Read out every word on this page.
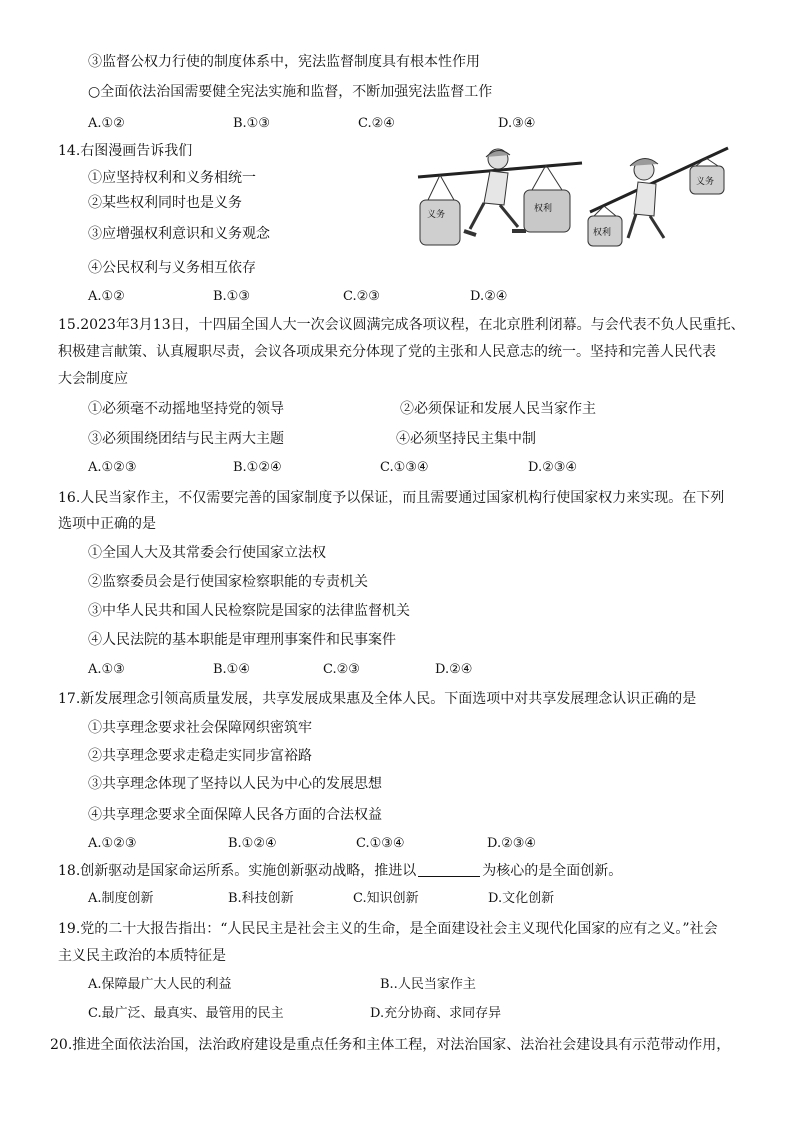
③监督公权力行使的制度体系中，宪法监督制度具有根本性作用
○全面依法治国需要健全宪法实施和监督，不断加强宪法监督工作
A.①②	B.①③	C.②④	D.③④
14.右图漫画告诉我们
①应坚持权利和义务相统一
②某些权利同时也是义务
③应增强权利意识和义务观念
④公民权利与义务相互依存
义务
权利
权利
义务
A.①②	B.①③	C.②③	D.②④
15.2023年3月13日，十四届全国人大一次会议圆满完成各项议程，在北京胜利闭幕。与会代表不负人民重托、
积极建言献策、认真履职尽责，会议各项成果充分体现了党的主张和人民意志的统一。坚持和完善人民代表
大会制度应
①必须毫不动摇地坚持党的领导	②必须保证和发展人民当家作主
③必须围绕团结与民主两大主题	④必须坚持民主集中制
A.①②③	B.①②④	C.①③④	D.②③④
16.人民当家作主，不仅需要完善的国家制度予以保证，而且需要通过国家机构行使国家权力来实现。在下列
选项中正确的是
①全国人大及其常委会行使国家立法权
②监察委员会是行使国家检察职能的专责机关
③中华人民共和国人民检察院是国家的法律监督机关
④人民法院的基本职能是审理刑事案件和民事案件
A.①③	B.①④	C.②③	D.②④
17.新发展理念引领高质量发展，共享发展成果惠及全体人民。下面选项中对共享发展理念认识正确的是
①共享理念要求社会保障网织密筑牢
②共享理念要求走稳走实同步富裕路
③共享理念体现了坚持以人民为中心的发展思想
④共享理念要求全面保障人民各方面的合法权益
A.①②③	B.①②④	C.①③④	D.②③④
18.创新驱动是国家命运所系。实施创新驱动战略，推进以	为核心的是全面创新。
A.制度创新	B.科技创新	C.知识创新	D.文化创新
19.党的二十大报告指出：“人民民主是社会主义的生命，是全面建设社会主义现代化国家的应有之义。”社会
主义民主政治的本质特征是
A.保障最广大人民的利益	B..人民当家作主
C.最广泛、最真实、最管用的民主	D.充分协商、求同存异
20.推进全面依法治国，法治政府建设是重点任务和主体工程，对法治国家、法治社会建设具有示范带动作用，
